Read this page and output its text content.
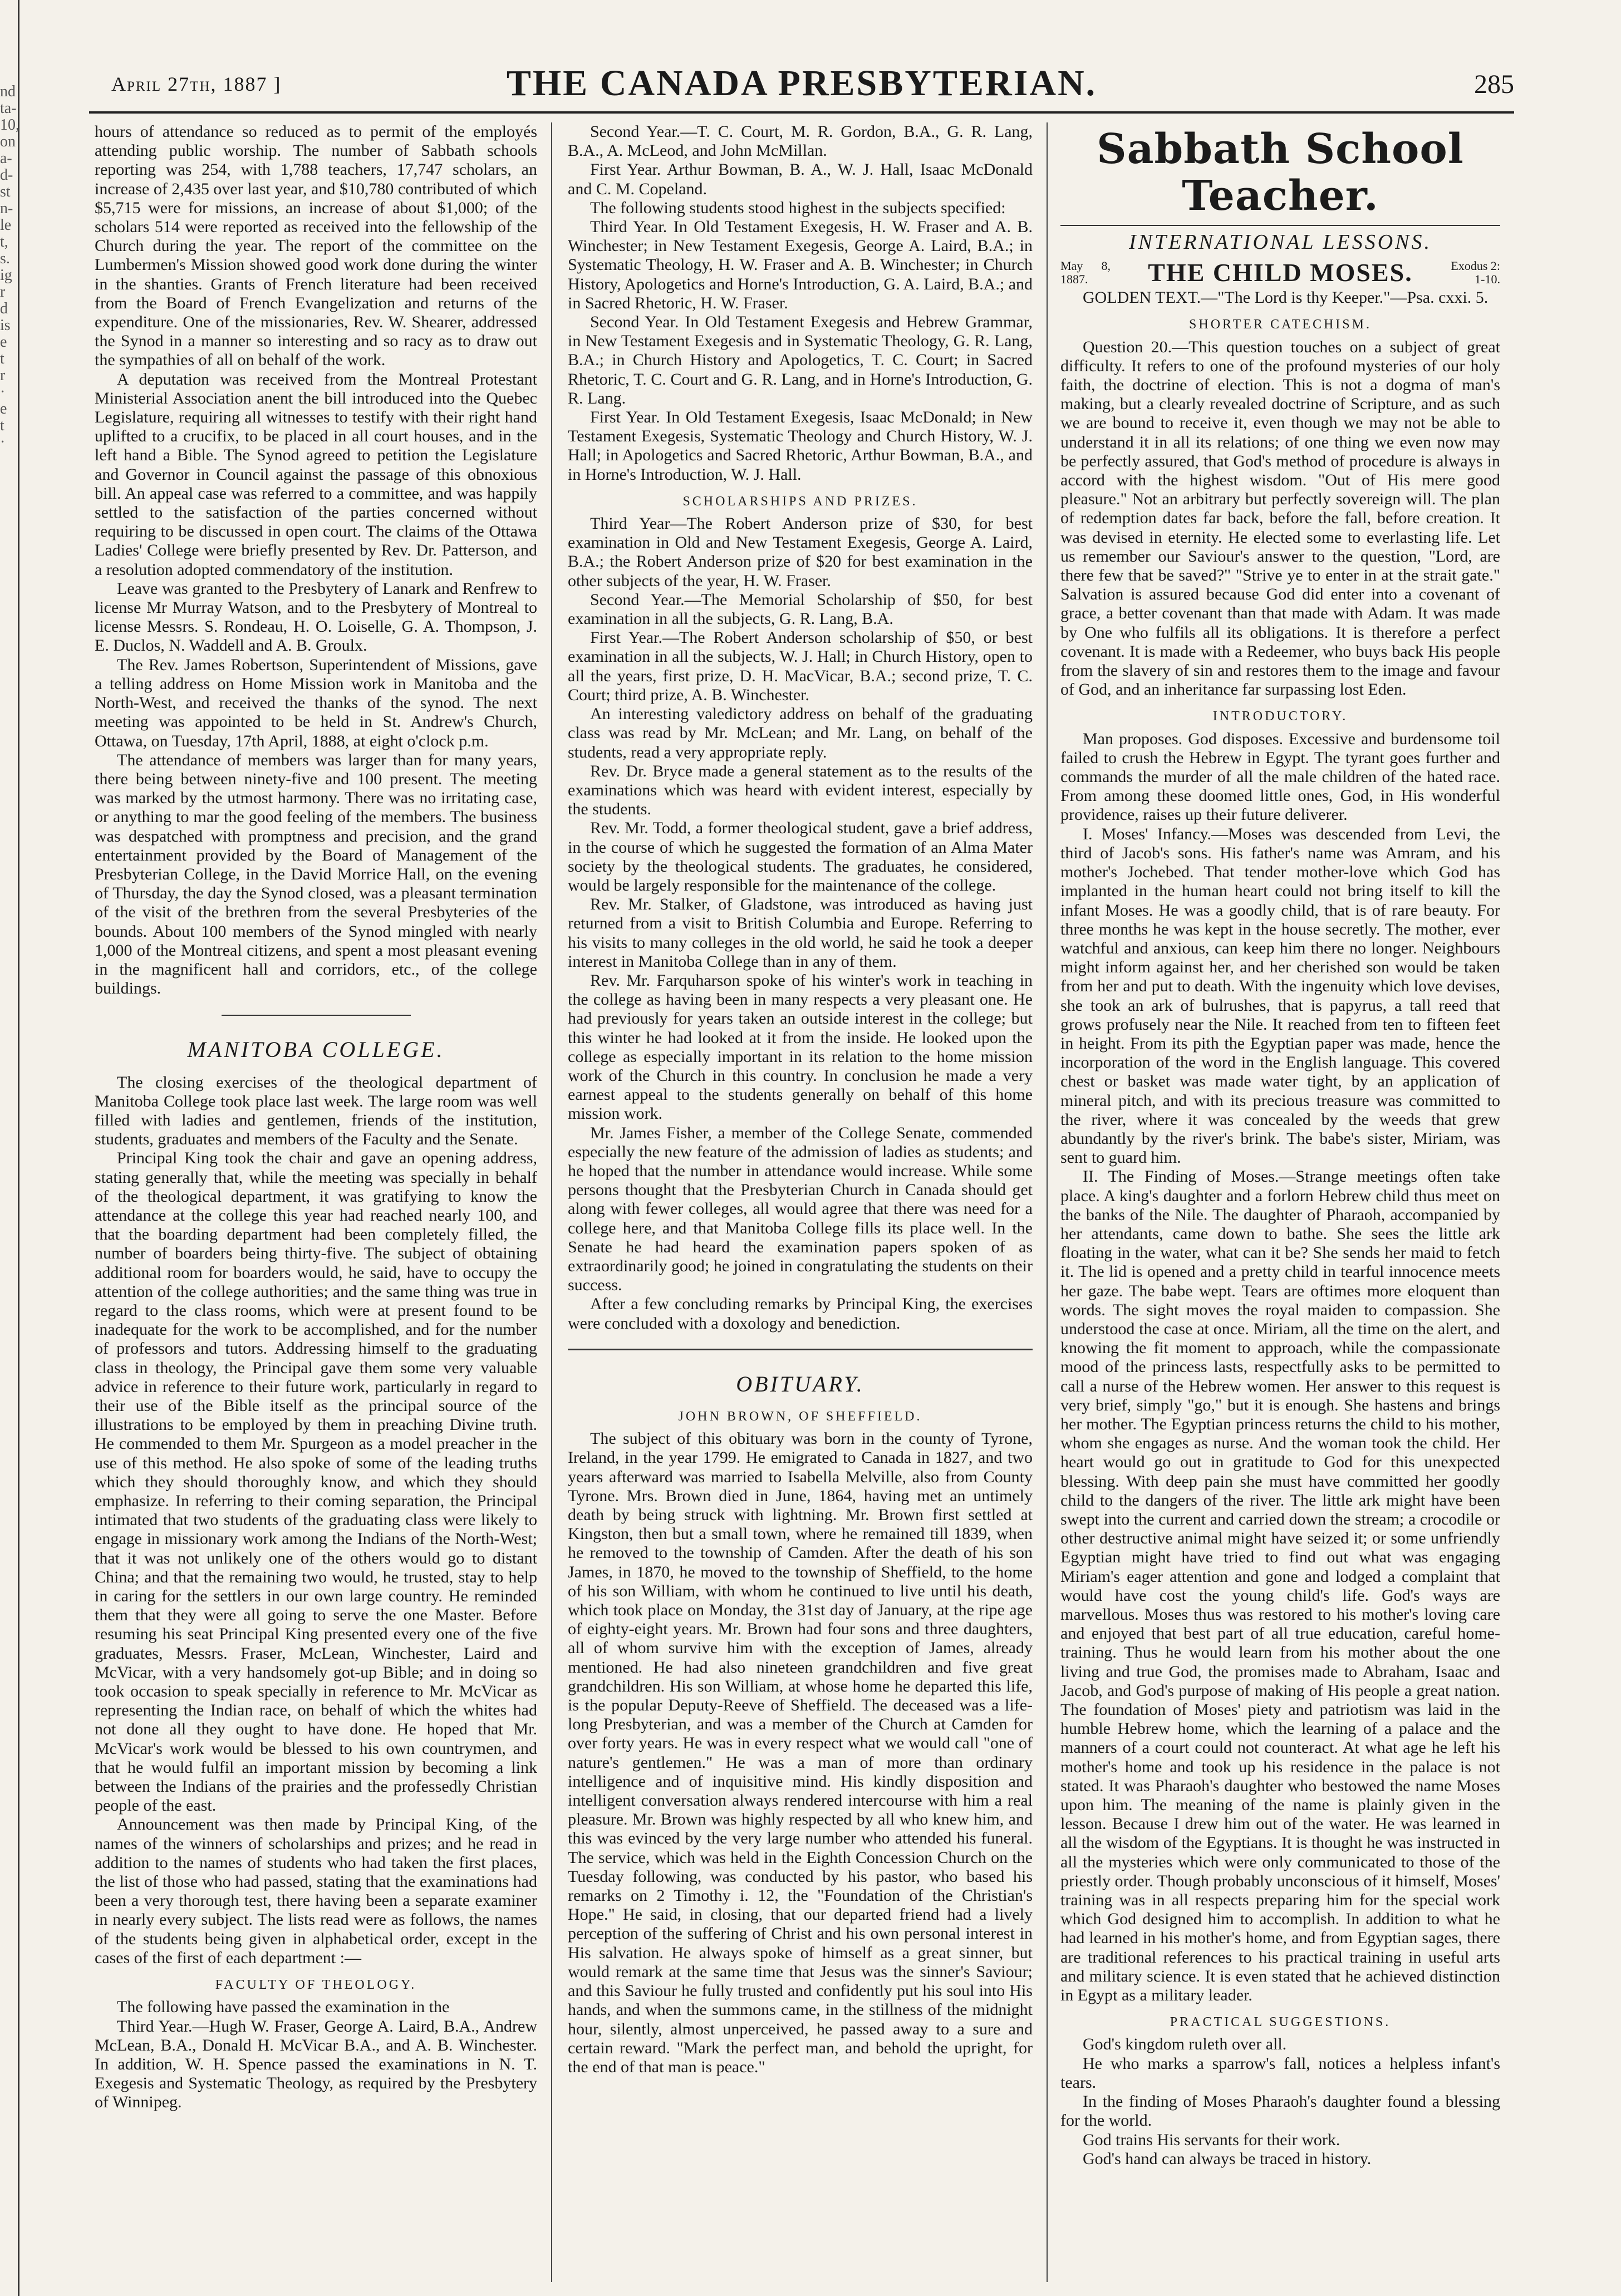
nd
ta-
10,
on
a-
d-
st
n-
le
t,
s.
ig
r
d
is
e
t
r
·
e
t
·
April 27th, 1887 ]	THE CANADA PRESBYTERIAN.	285

hours of attendance so reduced as to permit of the employés attending public worship. The number of Sabbath schools reporting was 254, with 1,788 teachers, 17,747 scholars, an increase of 2,435 over last year, and $10,780 contributed of which $5,715 were for missions, an increase of about $1,000; of the scholars 514 were reported as received into the fellowship of the Church during the year. The report of the committee on the Lumbermen's Mission showed good work done during the winter in the shanties. Grants of French literature had been received from the Board of French Evangelization and returns of the expenditure. One of the missionaries, Rev. W. Shearer, addressed the Synod in a manner so interesting and so racy as to draw out the sympathies of all on behalf of the work.

A deputation was received from the Montreal Protestant Ministerial Association anent the bill introduced into the Quebec Legislature, requiring all witnesses to testify with their right hand uplifted to a crucifix, to be placed in all court houses, and in the left hand a Bible. The Synod agreed to petition the Legislature and Governor in Council against the passage of this obnoxious bill. An appeal case was referred to a committee, and was happily settled to the satisfaction of the parties concerned without requiring to be discussed in open court. The claims of the Ottawa Ladies' College were briefly presented by Rev. Dr. Patterson, and a resolution adopted commendatory of the institution.

Leave was granted to the Presbytery of Lanark and Renfrew to license Mr Murray Watson, and to the Presbytery of Montreal to license Messrs. S. Rondeau, H. O. Loiselle, G. A. Thompson, J. E. Duclos, N. Waddell and A. B. Groulx.

The Rev. James Robertson, Superintendent of Missions, gave a telling address on Home Mission work in Manitoba and the North-West, and received the thanks of the synod. The next meeting was appointed to be held in St. Andrew's Church, Ottawa, on Tuesday, 17th April, 1888, at eight o'clock p.m.

The attendance of members was larger than for many years, there being between ninety-five and 100 present. The meeting was marked by the utmost harmony. There was no irritating case, or anything to mar the good feeling of the members. The business was despatched with promptness and precision, and the grand entertainment provided by the Board of Management of the Presbyterian College, in the David Morrice Hall, on the evening of Thursday, the day the Synod closed, was a pleasant termination of the visit of the brethren from the several Presbyteries of the bounds. About 100 members of the Synod mingled with nearly 1,000 of the Montreal citizens, and spent a most pleasant evening in the magnificent hall and corridors, etc., of the college buildings.

MANITOBA COLLEGE.

The closing exercises of the theological department of Manitoba College took place last week. The large room was well filled with ladies and gentlemen, friends of the institution, students, graduates and members of the Faculty and the Senate.

Principal King took the chair and gave an opening address, stating generally that, while the meeting was specially in behalf of the theological department, it was gratifying to know the attendance at the college this year had reached nearly 100, and that the boarding department had been completely filled, the number of boarders being thirty-five. The subject of obtaining additional room for boarders would, he said, have to occupy the attention of the college authorities; and the same thing was true in regard to the class rooms, which were at present found to be inadequate for the work to be accomplished, and for the number of professors and tutors. Addressing himself to the graduating class in theology, the Principal gave them some very valuable advice in reference to their future work, particularly in regard to their use of the Bible itself as the principal source of the illustrations to be employed by them in preaching Divine truth. He commended to them Mr. Spurgeon as a model preacher in the use of this method. He also spoke of some of the leading truths which they should thoroughly know, and which they should emphasize. In referring to their coming separation, the Principal intimated that two students of the graduating class were likely to engage in missionary work among the Indians of the North-West; that it was not unlikely one of the others would go to distant China; and that the remaining two would, he trusted, stay to help in caring for the settlers in our own large country. He reminded them that they were all going to serve the one Master. Before resuming his seat Principal King presented every one of the five graduates, Messrs. Fraser, McLean, Winchester, Laird and McVicar, with a very handsomely got-up Bible; and in doing so took occasion to speak specially in reference to Mr. McVicar as representing the Indian race, on behalf of which the whites had not done all they ought to have done. He hoped that Mr. McVicar's work would be blessed to his own countrymen, and that he would fulfil an important mission by becoming a link between the Indians of the prairies and the professedly Christian people of the east.

Announcement was then made by Principal King, of the names of the winners of scholarships and prizes; and he read in addition to the names of students who had taken the first places, the list of those who had passed, stating that the examinations had been a very thorough test, there having been a separate examiner in nearly every subject. The lists read were as follows, the names of the students being given in alphabetical order, except in the cases of the first of each department :—

FACULTY OF THEOLOGY.

The following have passed the examination in the

Third Year.—Hugh W. Fraser, George A. Laird, B.A., Andrew McLean, B.A., Donald H. McVicar B.A., and A. B. Winchester. In addition, W. H. Spence passed the examinations in N. T. Exegesis and Systematic Theology, as required by the Presbytery of Winnipeg.

Second Year.—T. C. Court, M. R. Gordon, B.A., G. R. Lang, B.A., A. McLeod, and John McMillan.

First Year. Arthur Bowman, B. A., W. J. Hall, Isaac McDonald and C. M. Copeland.

The following students stood highest in the subjects specified:

Third Year. In Old Testament Exegesis, H. W. Fraser and A. B. Winchester; in New Testament Exegesis, George A. Laird, B.A.; in Systematic Theology, H. W. Fraser and A. B. Winchester; in Church History, Apologetics and Horne's Introduction, G. A. Laird, B.A.; and in Sacred Rhetoric, H. W. Fraser.

Second Year. In Old Testament Exegesis and Hebrew Grammar, in New Testament Exegesis and in Systematic Theology, G. R. Lang, B.A.; in Church History and Apologetics, T. C. Court; in Sacred Rhetoric, T. C. Court and G. R. Lang, and in Horne's Introduction, G. R. Lang.

First Year. In Old Testament Exegesis, Isaac McDonald; in New Testament Exegesis, Systematic Theology and Church History, W. J. Hall; in Apologetics and Sacred Rhetoric, Arthur Bowman, B.A., and in Horne's Introduction, W. J. Hall.

SCHOLARSHIPS AND PRIZES.

Third Year—The Robert Anderson prize of $30, for best examination in Old and New Testament Exegesis, George A. Laird, B.A.; the Robert Anderson prize of $20 for best examination in the other subjects of the year, H. W. Fraser.

Second Year.—The Memorial Scholarship of $50, for best examination in all the subjects, G. R. Lang, B.A.

First Year.—The Robert Anderson scholarship of $50, or best examination in all the subjects, W. J. Hall; in Church History, open to all the years, first prize, D. H. MacVicar, B.A.; second prize, T. C. Court; third prize, A. B. Winchester.

An interesting valedictory address on behalf of the graduating class was read by Mr. McLean; and Mr. Lang, on behalf of the students, read a very appropriate reply.

Rev. Dr. Bryce made a general statement as to the results of the examinations which was heard with evident interest, especially by the students.

Rev. Mr. Todd, a former theological student, gave a brief address, in the course of which he suggested the formation of an Alma Mater society by the theological students. The graduates, he considered, would be largely responsible for the maintenance of the college.

Rev. Mr. Stalker, of Gladstone, was introduced as having just returned from a visit to British Columbia and Europe. Referring to his visits to many colleges in the old world, he said he took a deeper interest in Manitoba College than in any of them.

Rev. Mr. Farquharson spoke of his winter's work in teaching in the college as having been in many respects a very pleasant one. He had previously for years taken an outside interest in the college; but this winter he had looked at it from the inside. He looked upon the college as especially important in its relation to the home mission work of the Church in this country. In conclusion he made a very earnest appeal to the students generally on behalf of this home mission work.

Mr. James Fisher, a member of the College Senate, commended especially the new feature of the admission of ladies as students; and he hoped that the number in attendance would increase. While some persons thought that the Presbyterian Church in Canada should get along with fewer colleges, all would agree that there was need for a college here, and that Manitoba College fills its place well. In the Senate he had heard the examination papers spoken of as extraordinarily good; he joined in congratulating the students on their success.

After a few concluding remarks by Principal King, the exercises were concluded with a doxology and benediction.

OBITUARY.
JOHN BROWN, OF SHEFFIELD.

The subject of this obituary was born in the county of Tyrone, Ireland, in the year 1799. He emigrated to Canada in 1827, and two years afterward was married to Isabella Melville, also from County Tyrone. Mrs. Brown died in June, 1864, having met an untimely death by being struck with lightning. Mr. Brown first settled at Kingston, then but a small town, where he remained till 1839, when he removed to the township of Camden. After the death of his son James, in 1870, he moved to the township of Sheffield, to the home of his son William, with whom he continued to live until his death, which took place on Monday, the 31st day of January, at the ripe age of eighty-eight years. Mr. Brown had four sons and three daughters, all of whom survive him with the exception of James, already mentioned. He had also nineteen grandchildren and five great grandchildren. His son William, at whose home he departed this life, is the popular Deputy-Reeve of Sheffield. The deceased was a life-long Presbyterian, and was a member of the Church at Camden for over forty years. He was in every respect what we would call "one of nature's gentlemen." He was a man of more than ordinary intelligence and of inquisitive mind. His kindly disposition and intelligent conversation always rendered intercourse with him a real pleasure. Mr. Brown was highly respected by all who knew him, and this was evinced by the very large number who attended his funeral. The service, which was held in the Eighth Concession Church on the Tuesday following, was conducted by his pastor, who based his remarks on 2 Timothy i. 12, the "Foundation of the Christian's Hope." He said, in closing, that our departed friend had a lively perception of the suffering of Christ and his own personal interest in His salvation. He always spoke of himself as a great sinner, but would remark at the same time that Jesus was the sinner's Saviour; and this Saviour he fully trusted and confidently put his soul into His hands, and when the summons came, in the stillness of the midnight hour, silently, almost unperceived, he passed away to a sure and certain reward. "Mark the perfect man, and behold the upright, for the end of that man is peace."

Sabbath School Teacher.
INTERNATIONAL LESSONS.
May 8, 1887.	THE CHILD MOSES.	Exodus 2: 1-10.

GOLDEN TEXT.—"The Lord is thy Keeper."—Psa. cxxi. 5.

SHORTER CATECHISM.

Question 20.—This question touches on a subject of great difficulty. It refers to one of the profound mysteries of our holy faith, the doctrine of election. This is not a dogma of man's making, but a clearly revealed doctrine of Scripture, and as such we are bound to receive it, even though we may not be able to understand it in all its relations; of one thing we even now may be perfectly assured, that God's method of procedure is always in accord with the highest wisdom. "Out of His mere good pleasure." Not an arbitrary but perfectly sovereign will. The plan of redemption dates far back, before the fall, before creation. It was devised in eternity. He elected some to everlasting life. Let us remember our Saviour's answer to the question, "Lord, are there few that be saved?" "Strive ye to enter in at the strait gate." Salvation is assured because God did enter into a covenant of grace, a better covenant than that made with Adam. It was made by One who fulfils all its obligations. It is therefore a perfect covenant. It is made with a Redeemer, who buys back His people from the slavery of sin and restores them to the image and favour of God, and an inheritance far surpassing lost Eden.

INTRODUCTORY.

Man proposes. God disposes. Excessive and burdensome toil failed to crush the Hebrew in Egypt. The tyrant goes further and commands the murder of all the male children of the hated race. From among these doomed little ones, God, in His wonderful providence, raises up their future deliverer.

I. Moses' Infancy.—Moses was descended from Levi, the third of Jacob's sons. His father's name was Amram, and his mother's Jochebed. That tender mother-love which God has implanted in the human heart could not bring itself to kill the infant Moses. He was a goodly child, that is of rare beauty. For three months he was kept in the house secretly. The mother, ever watchful and anxious, can keep him there no longer. Neighbours might inform against her, and her cherished son would be taken from her and put to death. With the ingenuity which love devises, she took an ark of bulrushes, that is papyrus, a tall reed that grows profusely near the Nile. It reached from ten to fifteen feet in height. From its pith the Egyptian paper was made, hence the incorporation of the word in the English language. This covered chest or basket was made water tight, by an application of mineral pitch, and with its precious treasure was committed to the river, where it was concealed by the weeds that grew abundantly by the river's brink. The babe's sister, Miriam, was sent to guard him.

II. The Finding of Moses.—Strange meetings often take place. A king's daughter and a forlorn Hebrew child thus meet on the banks of the Nile. The daughter of Pharaoh, accompanied by her attendants, came down to bathe. She sees the little ark floating in the water, what can it be? She sends her maid to fetch it. The lid is opened and a pretty child in tearful innocence meets her gaze. The babe wept. Tears are oftimes more eloquent than words. The sight moves the royal maiden to compassion. She understood the case at once. Miriam, all the time on the alert, and knowing the fit moment to approach, while the compassionate mood of the princess lasts, respectfully asks to be permitted to call a nurse of the Hebrew women. Her answer to this request is very brief, simply "go," but it is enough. She hastens and brings her mother. The Egyptian princess returns the child to his mother, whom she engages as nurse. And the woman took the child. Her heart would go out in gratitude to God for this unexpected blessing. With deep pain she must have committed her goodly child to the dangers of the river. The little ark might have been swept into the current and carried down the stream; a crocodile or other destructive animal might have seized it; or some unfriendly Egyptian might have tried to find out what was engaging Miriam's eager attention and gone and lodged a complaint that would have cost the young child's life. God's ways are marvellous. Moses thus was restored to his mother's loving care and enjoyed that best part of all true education, careful home-training. Thus he would learn from his mother about the one living and true God, the promises made to Abraham, Isaac and Jacob, and God's purpose of making of His people a great nation. The foundation of Moses' piety and patriotism was laid in the humble Hebrew home, which the learning of a palace and the manners of a court could not counteract. At what age he left his mother's home and took up his residence in the palace is not stated. It was Pharaoh's daughter who bestowed the name Moses upon him. The meaning of the name is plainly given in the lesson. Because I drew him out of the water. He was learned in all the wisdom of the Egyptians. It is thought he was instructed in all the mysteries which were only communicated to those of the priestly order. Though probably unconscious of it himself, Moses' training was in all respects preparing him for the special work which God designed him to accomplish. In addition to what he had learned in his mother's home, and from Egyptian sages, there are traditional references to his practical training in useful arts and military science. It is even stated that he achieved distinction in Egypt as a military leader.

PRACTICAL SUGGESTIONS.

God's kingdom ruleth over all.

He who marks a sparrow's fall, notices a helpless infant's tears.

In the finding of Moses Pharaoh's daughter found a blessing for the world.

God trains His servants for their work.

God's hand can always be traced in history.
